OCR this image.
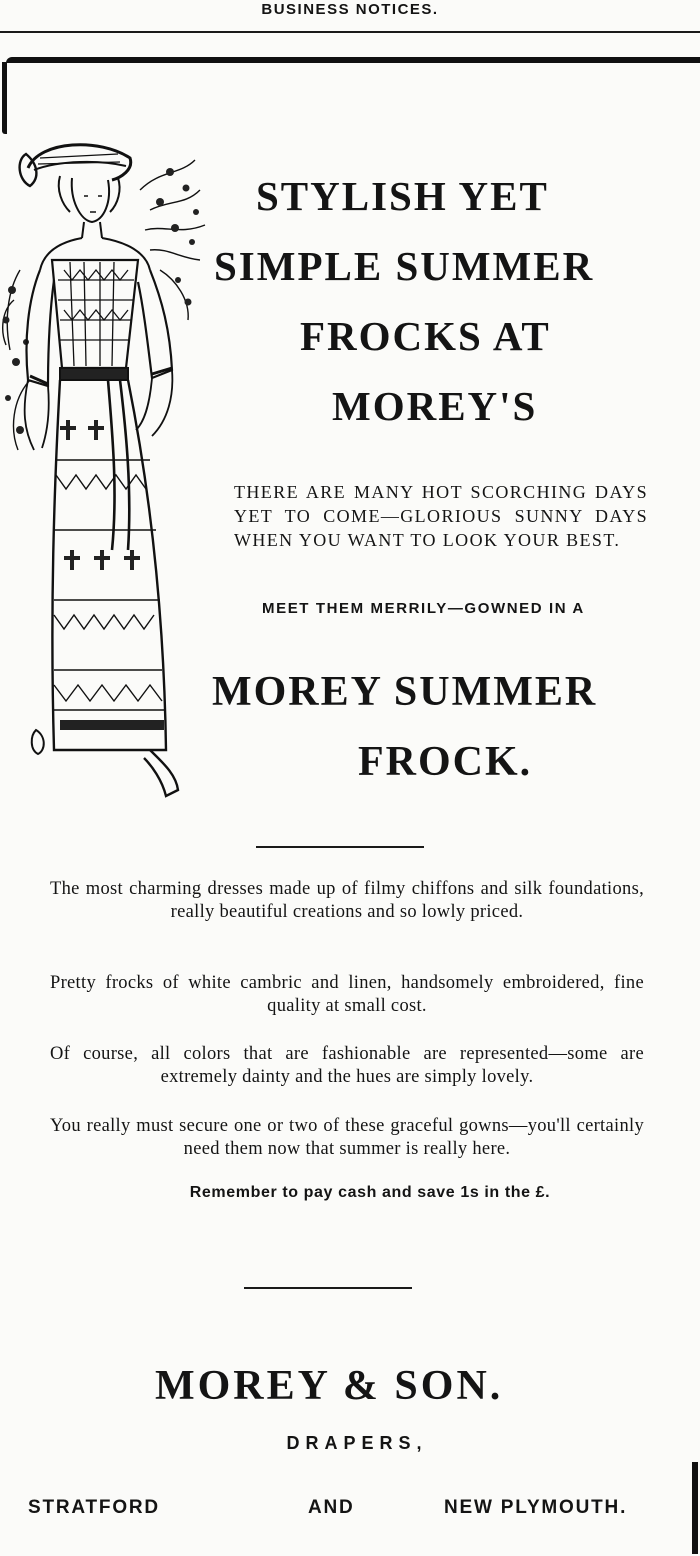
BUSINESS NOTICES.
STYLISH YET
SIMPLE SUMMER
FROCKS AT
MOREY'S
THERE ARE MANY HOT SCORCHING DAYS YET TO COME—GLORIOUS SUNNY DAYS WHEN YOU WANT TO LOOK YOUR BEST.
MEET THEM MERRILY—GOWNED IN A
MOREY SUMMER
FROCK.
The most charming dresses made up of filmy chiffons and silk foundations, really beautiful creations and so lowly priced.
Pretty frocks of white cambric and linen, handsomely embroidered, fine quality at small cost.
Of course, all colors that are fashionable are represented—some are extremely dainty and the hues are simply lovely.
You really must secure one or two of these graceful gowns—you'll certainly need them now that summer is really here.
Remember to pay cash and save 1s in the £.
MOREY & SON.
DRAPERS,
STRATFORD	AND	NEW PLYMOUTH.
